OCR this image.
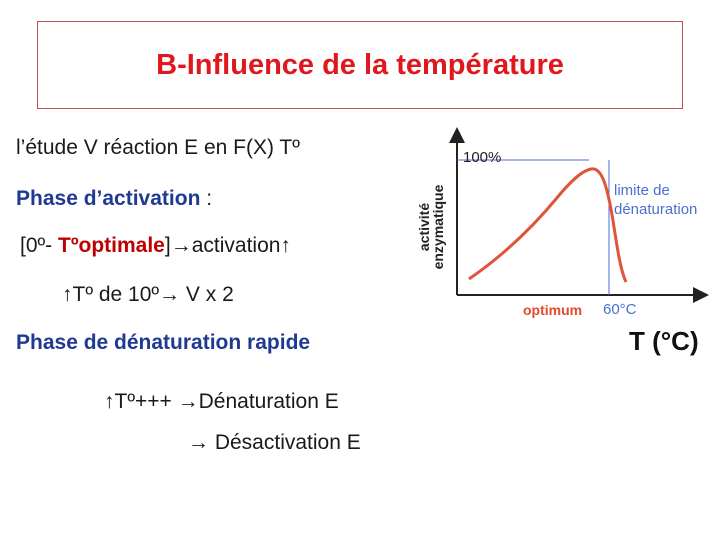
B-Influence de la température
l’étude V réaction E en F(X) Tº
Phase d’activation :
[0º- Tºoptimale]→activation↑
↑Tº de 10º→ V x 2
Phase de dénaturation rapide
↑Tº+++ →Dénaturation E
→ Désactivation E
activité
enzymatique
100%
limite de
dénaturation
optimum 60°C
T (°C)
